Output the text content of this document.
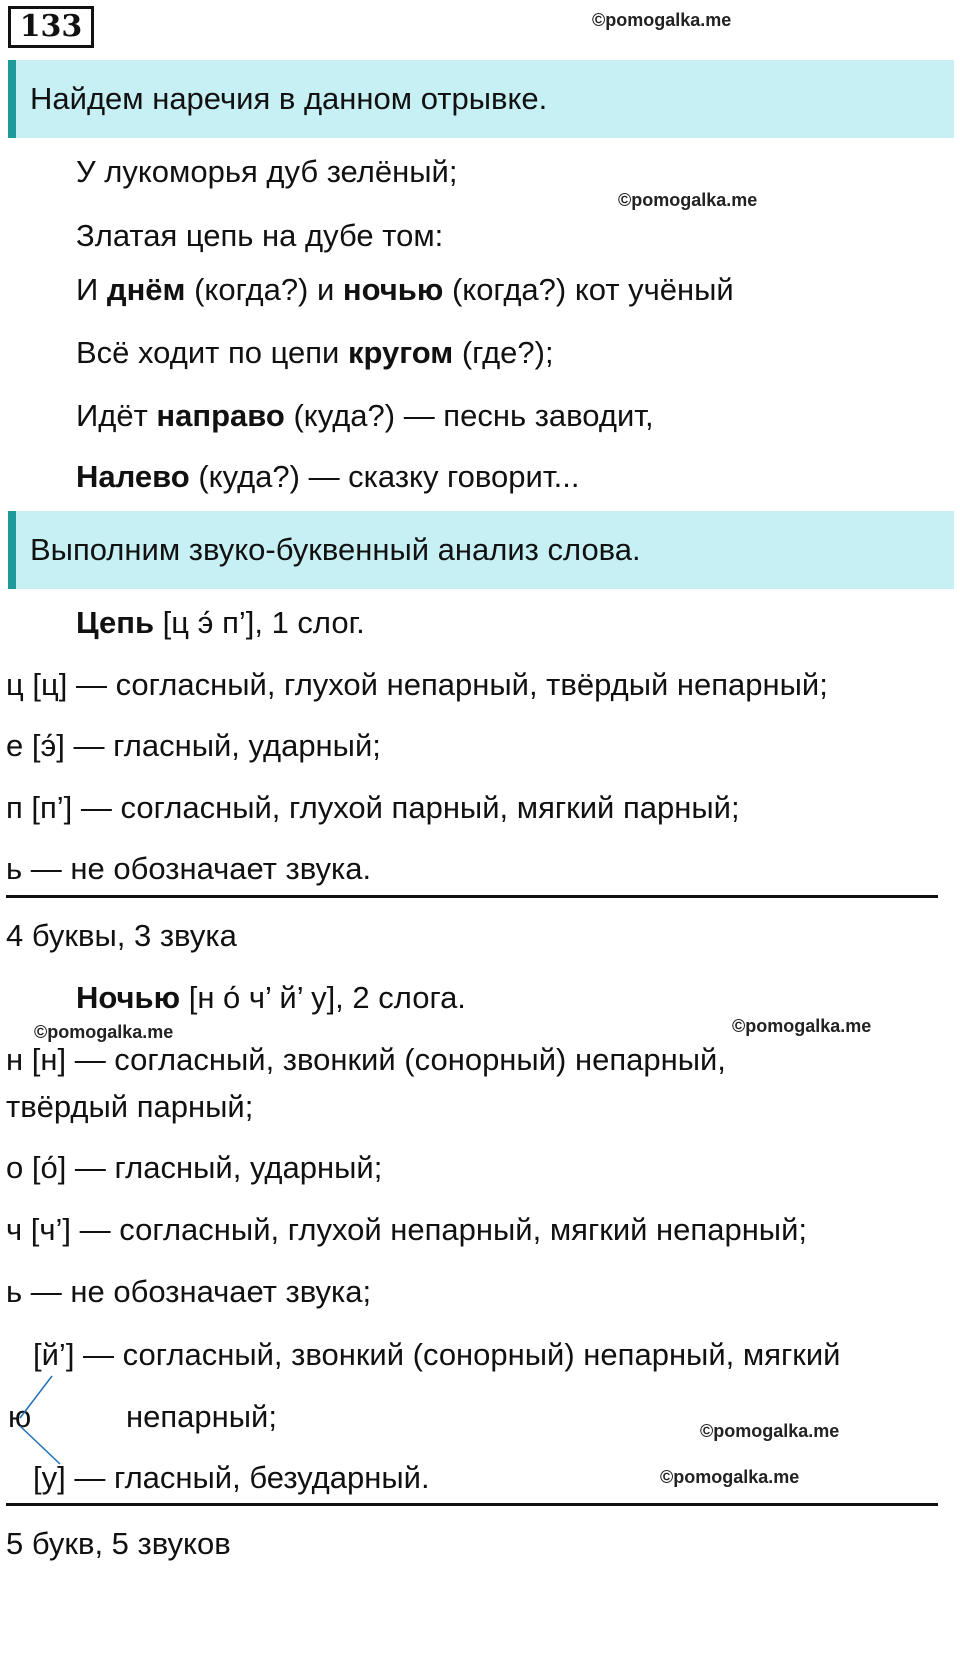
133	©pomogalka.me
Найдем наречия в данном отрывке.
У лукоморья дуб зелёный;
©pomogalka.me
Златая цепь на дубе том:
И днём (когда?) и ночью (когда?) кот учёный
Всё ходит по цепи кругом (где?);
Идёт направо (куда?) — песнь заводит,
Налево (куда?) — сказку говорит...
Выполним звуко-буквенный анализ слова.
Цепь [ц э́ п’], 1 слог.
ц [ц] — согласный, глухой непарный, твёрдый непарный;
е [э́] — гласный, ударный;
п [п’] — согласный, глухой парный, мягкий парный;
ь — не обозначает звука.
4 буквы, 3 звука
Ночью [н о́ ч’ й’ у], 2 слога.
©pomogalka.me	©pomogalka.me
н [н] — согласный, звонкий (сонорный) непарный,
твёрдый парный;
о [о́] — гласный, ударный;
ч [ч’] — согласный, глухой непарный, мягкий непарный;
ь — не обозначает звука;
[й’] — согласный, звонкий (сонорный) непарный, мягкий
ю	непарный;
[у] — гласный, безударный.
©pomogalka.me
©pomogalka.me
5 букв, 5 звуков
